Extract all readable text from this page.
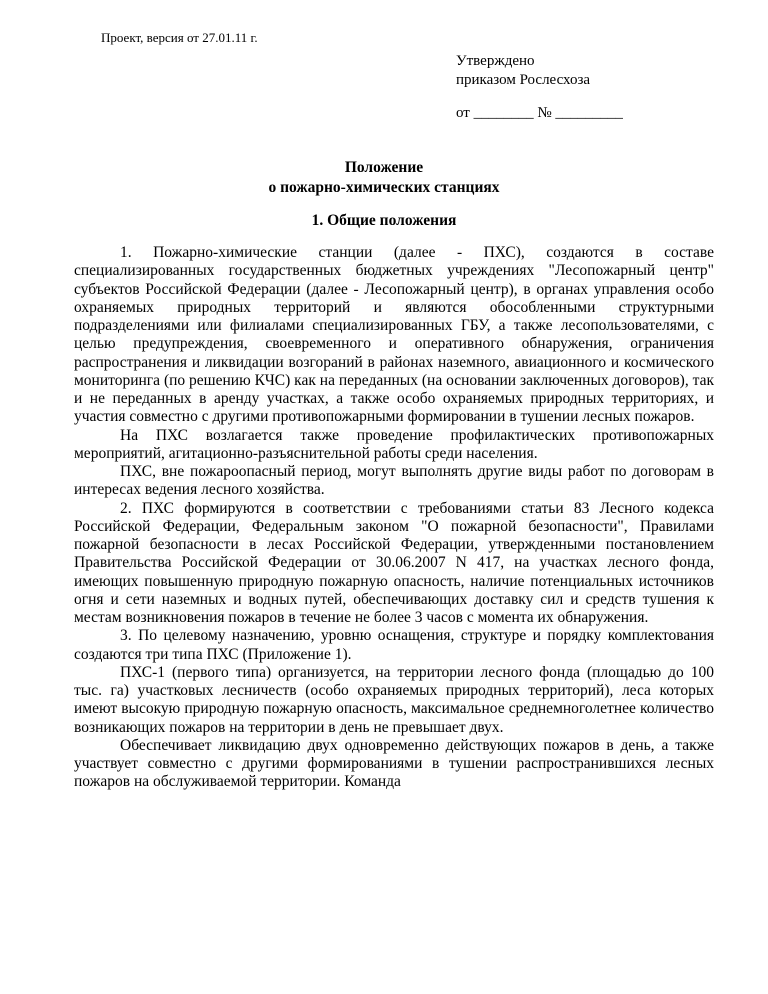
Проект, версия от 27.01.11 г.
Утверждено
приказом Рослесхоза
от ________ № _________
Положение
о пожарно-химических станциях
1. Общие положения

1. Пожарно-химические станции (далее - ПХС), создаются в составе специализированных государственных бюджетных учреждениях "Лесопожарный центр" субъектов Российской Федерации (далее - Лесопожарный центр), в органах управления особо охраняемых природных территорий и являются обособленными структурными подразделениями или филиалами специализированных ГБУ, а также лесопользователями, с целью предупреждения, своевременного и оперативного обнаружения, ограничения распространения и ликвидации возгораний в районах наземного, авиационного и космического мониторинга (по решению КЧС) как на переданных (на основании заключенных договоров), так и не переданных в аренду участках, а также особо охраняемых природных территориях, и участия совместно с другими противопожарными формировании в тушении лесных пожаров.

На ПХС возлагается также проведение профилактических противопожарных мероприятий, агитационно-разъяснительной работы среди населения.

ПХС, вне пожароопасный период, могут выполнять другие виды работ по договорам в интересах ведения лесного хозяйства.

2. ПХС формируются в соответствии с требованиями статьи 83 Лесного кодекса Российской Федерации, Федеральным законом "О пожарной безопасности", Правилами пожарной безопасности в лесах Российской Федерации, утвержденными постановлением Правительства Российской Федерации от 30.06.2007 N 417, на участках лесного фонда, имеющих повышенную природную пожарную опасность, наличие потенциальных источников огня и сети наземных и водных путей, обеспечивающих доставку сил и средств тушения к местам возникновения пожаров в течение не более 3 часов с момента их обнаружения.

3. По целевому назначению, уровню оснащения, структуре и порядку комплектования создаются три типа ПХС (Приложение 1).

ПХС-1 (первого типа) организуется, на территории лесного фонда (площадью до 100 тыс. га) участковых лесничеств (особо охраняемых природных территорий), леса которых имеют высокую природную пожарную опасность, максимальное среднемноголетнее количество возникающих пожаров на территории в день не превышает двух.

Обеспечивает ликвидацию двух одновременно действующих пожаров в день, а также участвует совместно с другими формированиями в тушении распространившихся лесных пожаров на обслуживаемой территории. Команда
